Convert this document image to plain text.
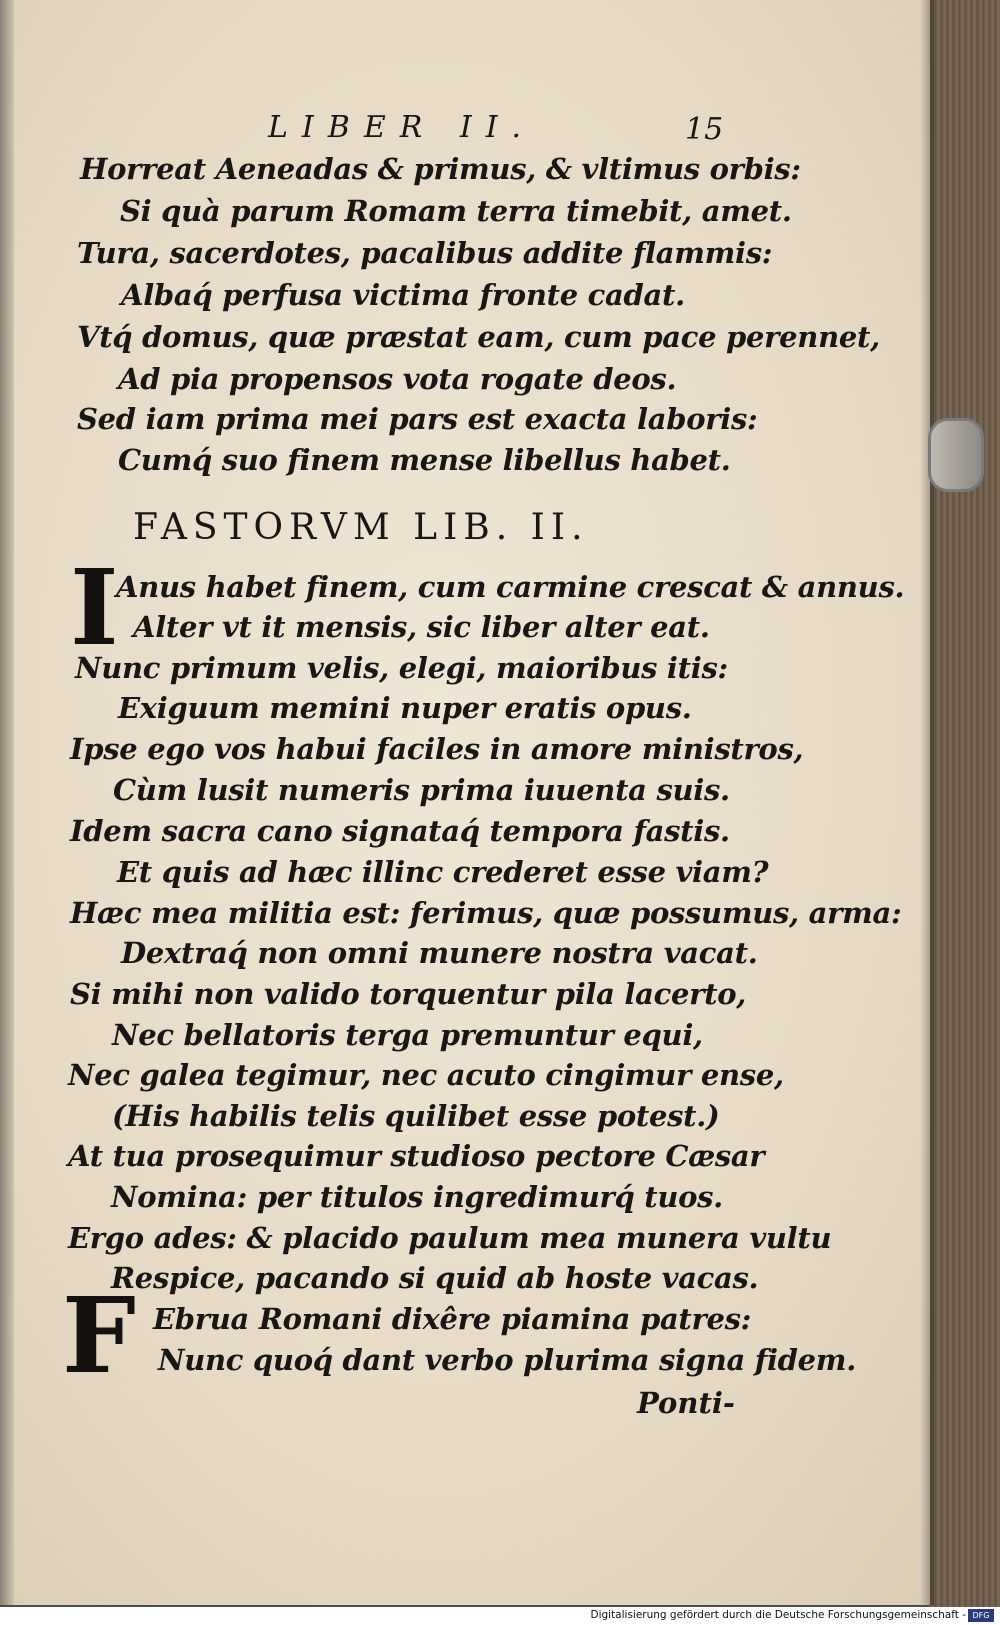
LIBER II.	15
Horreat Aeneadas & primus, & vltimus orbis:
Si quà parum Romam terra timebit, amet.
Tura, sacerdotes, pacalibus addite flammis:
Albaq́ perfusa victima fronte cadat.
Vtq́ domus, quæ præstat eam, cum pace perennet,
Ad pia propensos vota rogate deos.
Sed iam prima mei pars est exacta laboris:
Cumq́ suo finem mense libellus habet.
FASTORVM LIB. II.
I
Anus habet finem, cum carmine crescat & annus.
Alter vt it mensis, sic liber alter eat.
Nunc primum velis, elegi, maioribus itis:
Exiguum memini nuper eratis opus.
Ipse ego vos habui faciles in amore ministros,
Cùm lusit numeris prima iuuenta suis.
Idem sacra cano signataq́ tempora fastis.
Et quis ad hæc illinc crederet esse viam?
Hæc mea militia est: ferimus, quæ possumus, arma:
Dextraq́ non omni munere nostra vacat.
Si mihi non valido torquentur pila lacerto,
Nec bellatoris terga premuntur equi,
Nec galea tegimur, nec acuto cingimur ense,
(His habilis telis quilibet esse potest.)
At tua prosequimur studioso pectore Cæsar
Nomina: per titulos ingredimurq́ tuos.
Ergo ades: & placido paulum mea munera vultu
Respice, pacando si quid ab hoste vacas.
F Ebrua Romani dixêre piamina patres:
Nunc quoq́ dant verbo plurima signa fidem.
Ponti-
Digitalisierung gefördert durch die Deutsche Forschungsgemeinschaft - DFG
